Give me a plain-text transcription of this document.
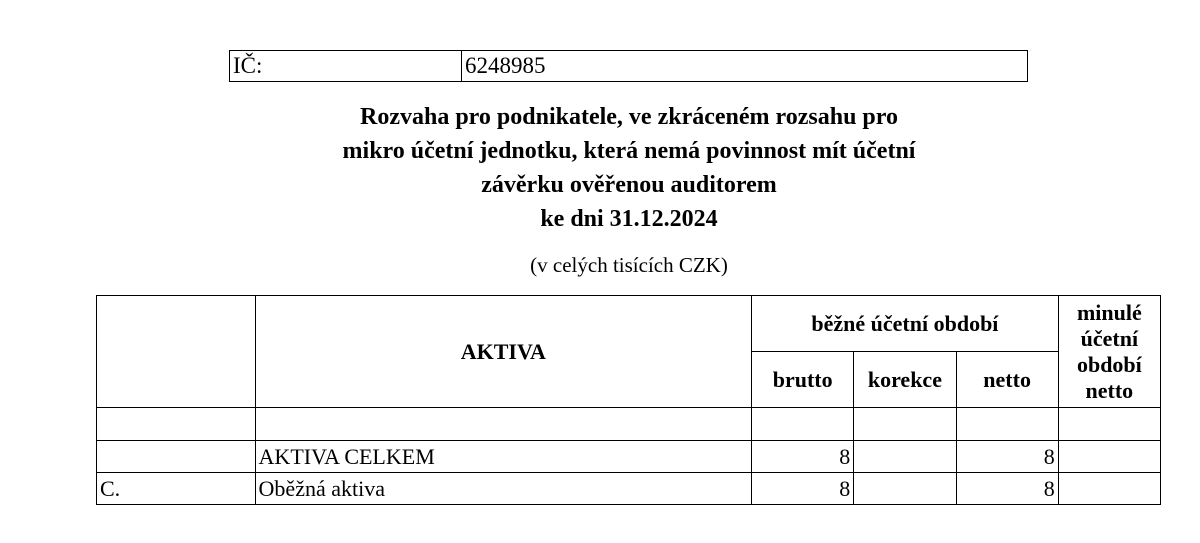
IČ:	6248985
Rozvaha pro podnikatele, ve zkráceném rozsahu pro
mikro účetní jednotku, která nemá povinnost mít účetní
závěrku ověřenou auditorem
ke dni 31.12.2024
(v celých tisících CZK)
	AKTIVA	běžné účetní období			minulé
účetní
období
netto

		brutto	korekce	netto	

	AKTIVA CELKEM	8		8	
C.	Oběžná aktiva	8		8	
